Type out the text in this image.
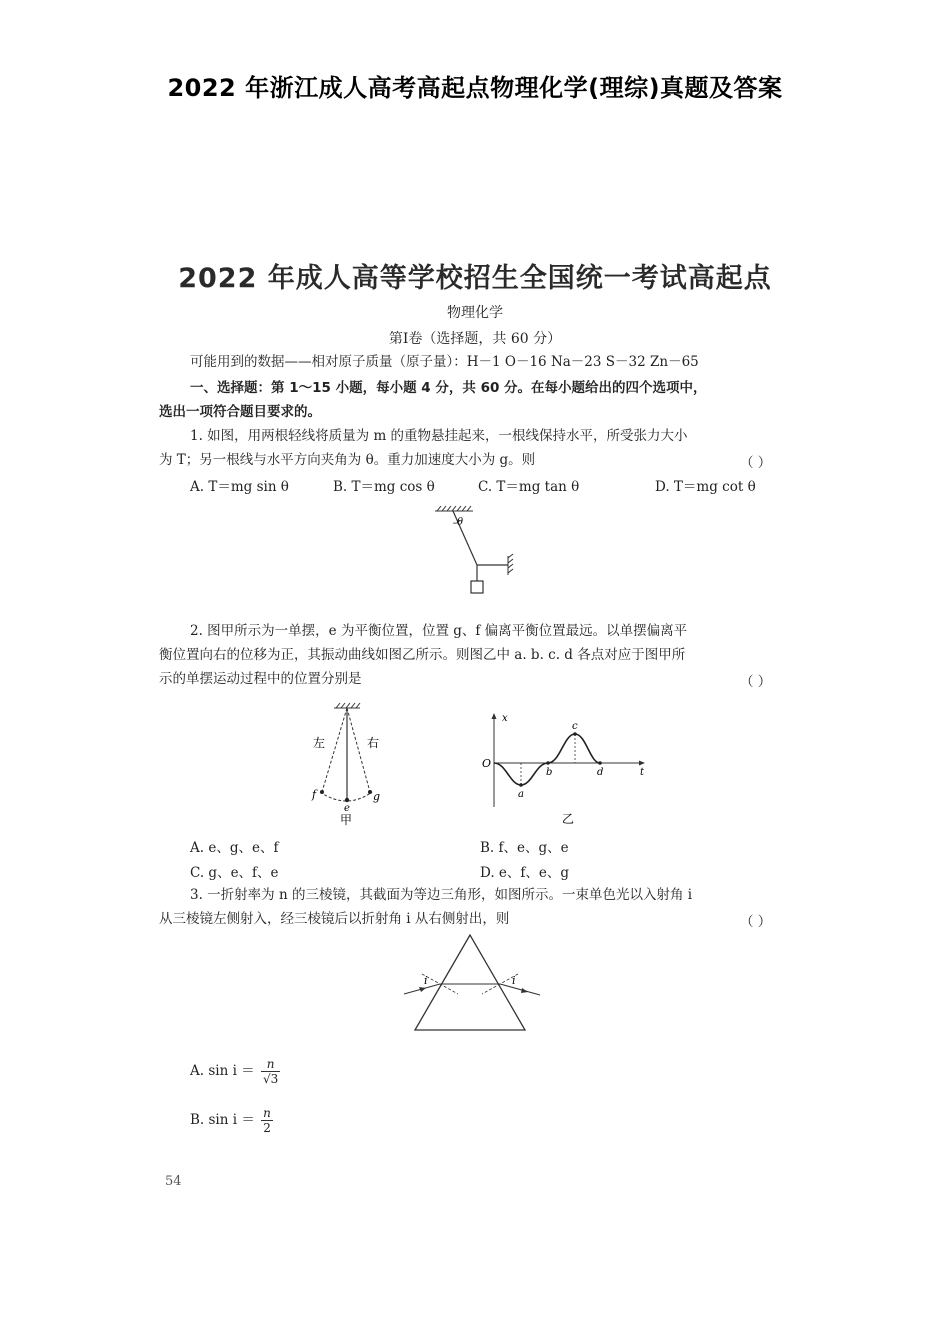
2022 年浙江成人高考高起点物理化学(理综)真题及答案
2022 年成人高等学校招生全国统一考试高起点
物理化学
第Ⅰ卷（选择题，共 60 分）
可能用到的数据——相对原子质量（原子量）：H－1 O－16 Na－23 S－32 Zn－65
一、选择题：第 1～15 小题，每小题 4 分，共 60 分。在每小题给出的四个选项中，
选出一项符合题目要求的。
1. 如图，用两根轻线将质量为 m 的重物悬挂起来，一根线保持水平，所受张力大小
为 T；另一根线与水平方向夹角为 θ。重力加速度大小为 g。则	（ ）
A. T＝mg sin θ	B. T＝mg cos θ	C. T＝mg tan θ	D. T＝mg cot θ
θ
2. 图甲所示为一单摆，e 为平衡位置，位置 g、f 偏离平衡位置最远。以单摆偏离平
衡位置向右的位移为正，其振动曲线如图乙所示。则图乙中 a. b. c. d 各点对应于图甲所
示的单摆运动过程中的位置分别是	（ ）
左	右
f
e
g
甲
x
t
O
a
b
c
d
乙
A. e、g、e、f	B. f、e、g、e
C. g、e、f、e	D. e、f、e、g
3. 一折射率为 n 的三棱镜，其截面为等边三角形，如图所示。一束单色光以入射角 i
从三棱镜左侧射入，经三棱镜后以折射角 i 从右侧射出，则	（ ）
i	i
A. $\sin i = \frac{n}{√3}$
B. $\sin i = \frac{n}{2}$
54
